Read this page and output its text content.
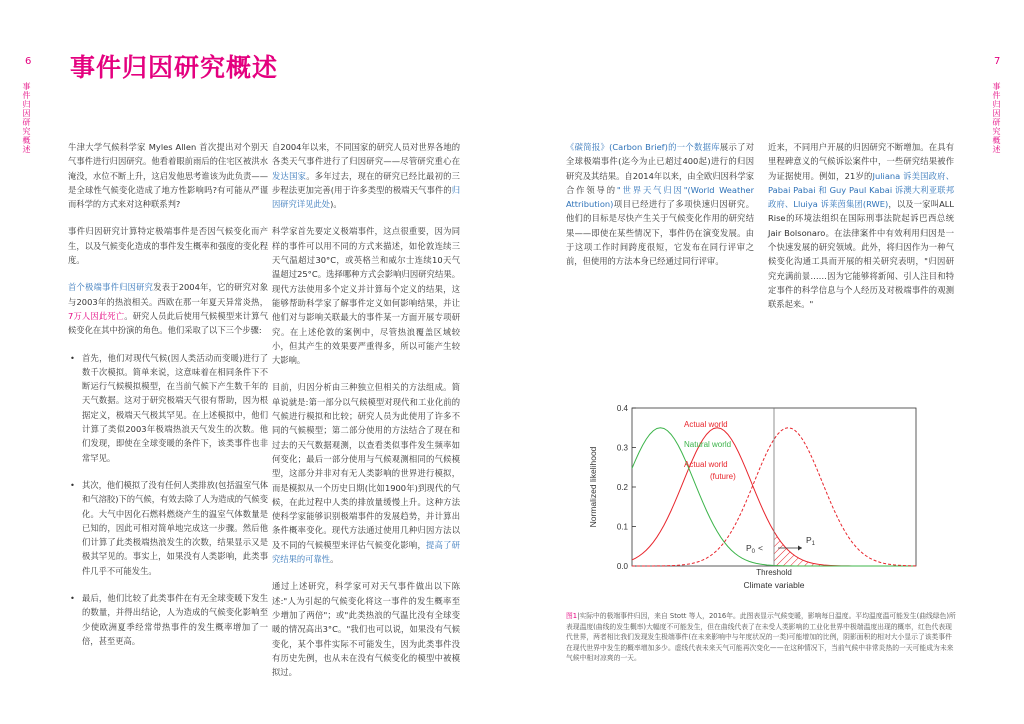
6	7
事件归因研究概述	事件归因研究概述
事件归因研究概述

牛津大学气候科学家 Myles Allen 首次提出对个别天气事件进行归因研究。他看着眼前雨后的住宅区被洪水淹没，水位不断上升，这启发他思考谁该为此负责——是全球性气候变化造成了地方性影响吗?有可能从严谨而科学的方式来对这种联系判?

事件归因研究计算特定极端事件是否因气候变化而产生，以及气候变化造成的事件发生概率和强度的变化程度。

首个极端事件归因研究发表于2004年，它的研究对象与2003年的热浪相关。西欧在那一年夏天异常炎热，7万人因此死亡。研究人员此后使用气候模型来计算气候变化在其中扮演的角色。他们采取了以下三个步骤:

• 首先，他们对现代气候(因人类活动而变暖)进行了数千次模拟。简单来说，这意味着在相同条件下不断运行气候模拟模型，在当前气候下产生数千年的天气数据。这对于研究极端天气很有帮助，因为根据定义，极端天气极其罕见。在上述模拟中，他们计算了类似2003年极端热浪天气发生的次数。他们发现，即使在全球变暖的条件下，该类事件也非常罕见。
• 其次，他们模拟了没有任何人类排放(包括温室气体和气溶胶)下的气候，有效去除了人为造成的气候变化。大气中因化石燃料燃烧产生的温室气体数量是已知的，因此可相对简单地完成这一步骤。然后他们计算了此类极端热浪发生的次数，结果显示又是极其罕见的。事实上，如果没有人类影响，此类事件几乎不可能发生。
• 最后，他们比较了此类事件在有无全球变暖下发生的数量，并得出结论，人为造成的气候变化影响至少使欧洲夏季经常带热事件的发生概率增加了一倍，甚至更高。

自2004年以来，不同国家的研究人员对世界各地的各类天气事件进行了归因研究——尽管研究重心在发达国家。多年过去，现在的研究已经比最初的三步程法更加完善(用于许多类型的极端天气事件的归因研究详见此处)。

科学家首先要定义极端事件，这点很重要，因为同样的事件可以用不同的方式来描述，如伦敦连续三天气温超过30°C，或英格兰和威尔士连续10天气温超过25°C。选择哪种方式会影响归因研究结果。现代方法使用多个定义并计算每个定义的结果，这能够帮助科学家了解事件定义如何影响结果，并让他们对与影响关联最大的事件某一方面开展专项研究。在上述伦敦的案例中，尽管热浪覆盖区域较小，但其产生的效果要严重得多，所以可能产生较大影响。

目前，归因分析由三种独立但相关的方法组成。简单说就是:第一部分以气候模型对现代和工业化前的气候进行模拟和比较；研究人员为此使用了许多不同的气候模型；第二部分使用的方法结合了现在和过去的天气数据观测，以查看类似事件发生频率如何变化；最后一部分使用与气候观测相同的气候模型，这部分并非对有无人类影响的世界进行模拟，而是模拟从一个历史日期(比如1900年)到现代的气候，在此过程中人类的排放量缓慢上升。这种方法使科学家能够识别极端事件的发展趋势，并计算出条件概率变化。现代方法通过使用几种归因方法以及不同的气候模型来评估气候变化影响，提高了研究结果的可靠性。

通过上述研究，科学家可对天气事件做出以下陈述:"人为引起的气候变化将这一事件的发生概率至少增加了两倍"；或"此类热浪的气温比没有全球变暖的情况高出3°C。"我们也可以说，如果没有气候变化，某个事件实际不可能发生，因为此类事件没有历史先例，也从未在没有气候变化的模型中被模拟过。

《碳简报》(Carbon Brief)的一个数据库展示了对全球极端事件(迄今为止已超过400起)进行的归因研究及其结果。自2014年以来，由全欧归因科学家合作领导的"世界天气归因"(World Weather Attribution)项目已经进行了多项快速归因研究。他们的目标是尽快产生关于气候变化作用的研究结果——即使在某些情况下，事件仍在演变发展。由于这项工作时间跨度很短，它发布在同行评审之前，但使用的方法本身已经通过同行评审。

近来，不同用户开展的归因研究不断增加。在具有里程碑意义的气候诉讼案件中，一些研究结果被作为证据使用。例如，21岁的Juliana 诉美国政府、Pabai Pabai 和 Guy Paul Kabai 诉澳大利亚联邦政府、Lluiya 诉莱茵集团(RWE)，以及一家叫ALL Rise的环境法组织在国际刑事法院起诉巴西总统Jair Bolsonaro。在法律案件中有效利用归因是一个快速发展的研究领域。此外，将归因作为一种气候变化沟通工具而开展的相关研究表明，"归因研究充满前景……因为它能够将新闻、引人注目和特定事件的科学信息与个人经历及对极端事件的观测联系起来。"

0.0
0.1
0.2
0.3
0.4
Threshold
Actual world
Natural world
Actual world
(future)
$P_0$ <
$P_1$
Climate variable
Normalized likelihood
图1|实际中的极端事件归因，来自 Stott 等人，2016年。此图表显示气候变暖，影响每日温度。平均温度温可能发生(曲线绿色)所表现温度(曲线的发生概率)大幅度不可能发生，但在曲线代表了在未受人类影响的工业化世界中极端温度出现的概率，红色代表现代世界，两者相比我们发现发生极端事件(在未来影响中与年度状况的一类)可能增加的比例，阴影面积的相对大小显示了该类事件在现代世界中发生的概率增加多少。虚线代表未来天气可能再次变化——在这种情况下，当前气候中非常炎热的一天可能成为未来气候中相对凉爽的一天。
